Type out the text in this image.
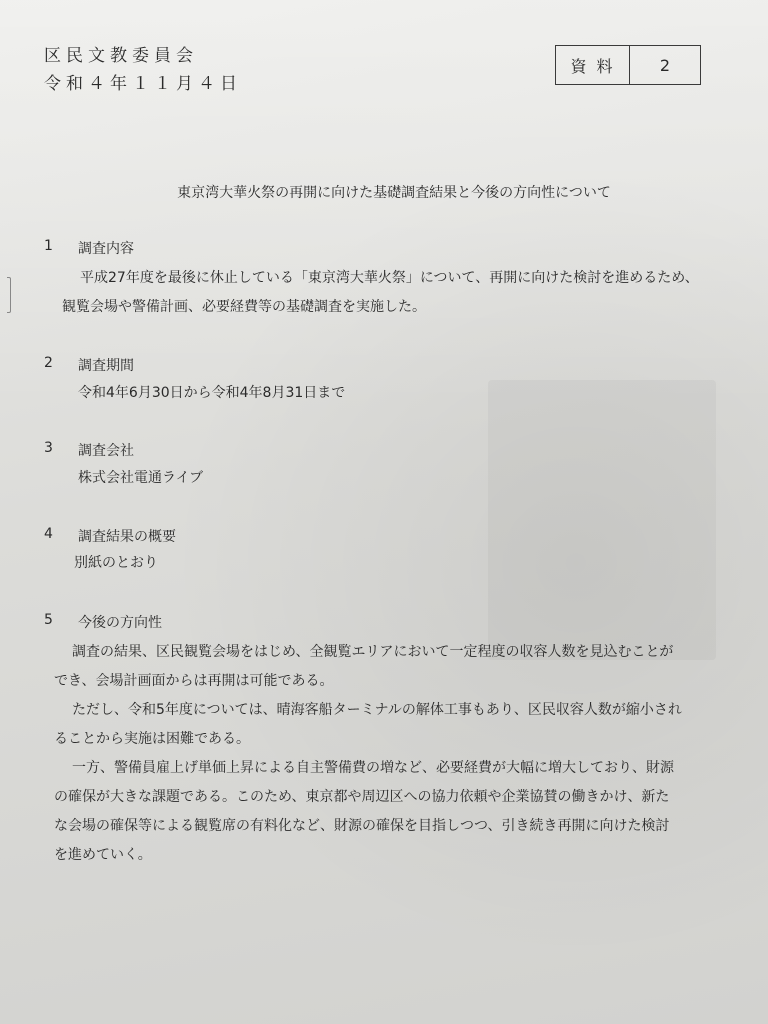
区民文教委員会
令和４年１１月４日
資料	2
東京湾大華火祭の再開に向けた基礎調査結果と今後の方向性について
1	調査内容
平成27年度を最後に休止している「東京湾大華火祭」について、再開に向けた検討を進めるため、
観覧会場や警備計画、必要経費等の基礎調査を実施した。
2	調査期間
令和4年6月30日から令和4年8月31日まで
3	調査会社
株式会社電通ライブ
4	調査結果の概要
別紙のとおり
5	今後の方向性
調査の結果、区民観覧会場をはじめ、全観覧エリアにおいて一定程度の収容人数を見込むことが
でき、会場計画面からは再開は可能である。
ただし、令和5年度については、晴海客船ターミナルの解体工事もあり、区民収容人数が縮小され
ることから実施は困難である。
一方、警備員雇上げ単価上昇による自主警備費の増など、必要経費が大幅に増大しており、財源
の確保が大きな課題である。このため、東京都や周辺区への協力依頼や企業協賛の働きかけ、新た
な会場の確保等による観覧席の有料化など、財源の確保を目指しつつ、引き続き再開に向けた検討
を進めていく。
